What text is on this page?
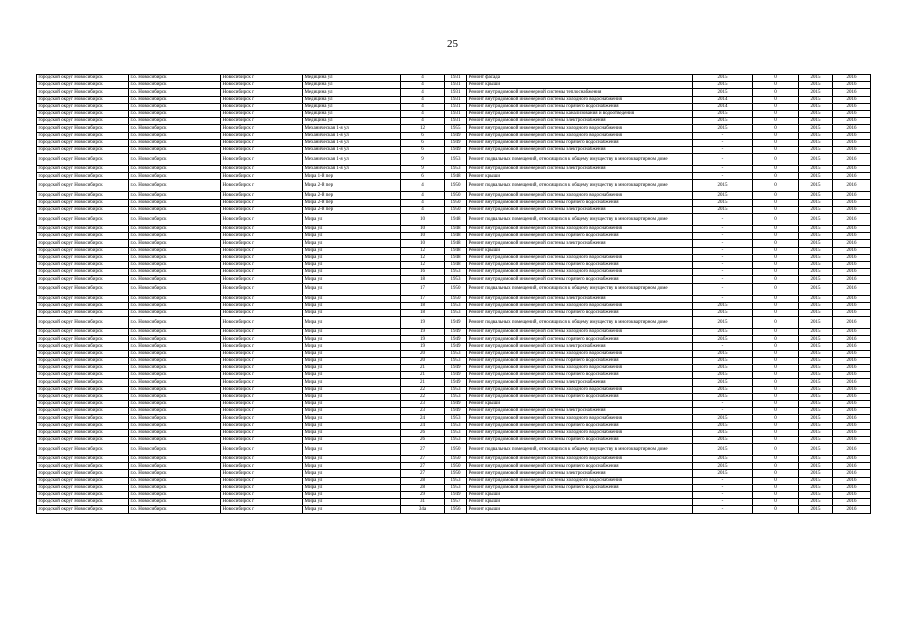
25
городской округ Новосибирск	г.о. Новосибирск	Новосибирск г	Медицина ул	4	1931	Ремонт фасада	2015	0	2015	2016
городской округ Новосибирск	г.о. Новосибирск	Новосибирск г	Медицина ул	4	1931	Ремонт крыши	2015	0	2015	2016
городской округ Новосибирск	г.о. Новосибирск	Новосибирск г	Медицина ул	4	1931	Ремонт внутридомовой инженерной системы теплоснабжения	2015	0	2015	2016
городской округ Новосибирск	г.о. Новосибирск	Новосибирск г	Медицина ул	4	1931	Ремонт внутридомовой инженерной системы холодного водоснабжения	2014	0	2015	2016
городской округ Новосибирск	г.о. Новосибирск	Новосибирск г	Медицина ул	4	1931	Ремонт внутридомовой инженерной системы горячего водоснабжения	2014	0	2015	2016
городской округ Новосибирск	г.о. Новосибирск	Новосибирск г	Медицина ул	4	1931	Ремонт внутридомовой инженерной системы канализования и водоотведения	2015	0	2015	2016
городской округ Новосибирск	г.о. Новосибирск	Новосибирск г	Медицина ул	4	1931	Ремонт внутридомовой инженерной системы электроснабжения	2015	0	2015	2016
городской округ Новосибирск	г.о. Новосибирск	Новосибирск г	Механическая 1-я ул	12	1955	Ремонт внутридомовой инженерной системы холодного водоснабжения	2015	0	2015	2016
городской округ Новосибирск	г.о. Новосибирск	Новосибирск г	Механическая 1-я ул	6	1949	Ремонт внутридомовой инженерной системы холодного водоснабжения	-	0	2015	2016
городской округ Новосибирск	г.о. Новосибирск	Новосибирск г	Механическая 1-я ул	6	1949	Ремонт внутридомовой инженерной системы горячего водоснабжения	-	0	2015	2016
городской округ Новосибирск	г.о. Новосибирск	Новосибирск г	Механическая 1-я ул	6	1949	Ремонт внутридомовой инженерной системы электроснабжения	-	0	2015	2016
городской округ Новосибирск	г.о. Новосибирск	Новосибирск г	Механическая 1-я ул	9	1953	Ремонт подвальных помещений, относящихся к общему имуществу в многоквартирном доме	-	0	2015	2016
городской округ Новосибирск	г.о. Новосибирск	Новосибирск г	Механическая 1-я ул	9	1953	Ремонт внутридомовой инженерной системы электроснабжения	-	0	2015	2016
городской округ Новосибирск	г.о. Новосибирск	Новосибирск г	Мира 1-й пер	6	1948	Ремонт крыши	-	0	2015	2016
городской округ Новосибирск	г.о. Новосибирск	Новосибирск г	Мира 2-й пер	4	1950	Ремонт подвальных помещений, относящихся к общему имуществу в многоквартирном доме	2015	0	2015	2016
городской округ Новосибирск	г.о. Новосибирск	Новосибирск г	Мира 2-й пер	4	1950	Ремонт внутридомовой инженерной системы холодного водоснабжения	2015	0	2015	2016
городской округ Новосибирск	г.о. Новосибирск	Новосибирск г	Мира 2-й пер	4	1950	Ремонт внутридомовой инженерной системы горячего водоснабжения	2015	0	2015	2016
городской округ Новосибирск	г.о. Новосибирск	Новосибирск г	Мира 2-й пер	4	1950	Ремонт внутридомовой инженерной системы электроснабжения	2015	0	2015	2016
городской округ Новосибирск	г.о. Новосибирск	Новосибирск г	Мира ул	10	1948	Ремонт подвальных помещений, относящихся к общему имуществу в многоквартирном доме	-	0	2015	2016
городской округ Новосибирск	г.о. Новосибирск	Новосибирск г	Мира ул	10	1948	Ремонт внутридомовой инженерной системы холодного водоснабжения	-	0	2015	2016
городской округ Новосибирск	г.о. Новосибирск	Новосибирск г	Мира ул	10	1948	Ремонт внутридомовой инженерной системы горячего водоснабжения	-	0	2015	2016
городской округ Новосибирск	г.о. Новосибирск	Новосибирск г	Мира ул	10	1948	Ремонт внутридомовой инженерной системы электроснабжения	-	0	2015	2016
городской округ Новосибирск	г.о. Новосибирск	Новосибирск г	Мира ул	12	1948	Ремонт крыши	-	0	2015	2016
городской округ Новосибирск	г.о. Новосибирск	Новосибирск г	Мира ул	12	1948	Ремонт внутридомовой инженерной системы холодного водоснабжения	-	0	2015	2016
городской округ Новосибирск	г.о. Новосибирск	Новосибирск г	Мира ул	12	1948	Ремонт внутридомовой инженерной системы горячего водоснабжения	-	0	2015	2016
городской округ Новосибирск	г.о. Новосибирск	Новосибирск г	Мира ул	16	1953	Ремонт внутридомовой инженерной системы холодного водоснабжения	-	0	2015	2016
городской округ Новосибирск	г.о. Новосибирск	Новосибирск г	Мира ул	18	1953	Ремонт внутридомовой инженерной системы горячего водоснабжения	-	0	2015	2016
городской округ Новосибирск	г.о. Новосибирск	Новосибирск г	Мира ул	17	1950	Ремонт подвальных помещений, относящихся к общему имуществу в многоквартирном доме	-	0	2015	2016
городской округ Новосибирск	г.о. Новосибирск	Новосибирск г	Мира ул	17	1950	Ремонт внутридомовой инженерной системы электроснабжения	-	0	2015	2016
городской округ Новосибирск	г.о. Новосибирск	Новосибирск г	Мира ул	18	1953	Ремонт внутридомовой инженерной системы холодного водоснабжения	2015	0	2015	2016
городской округ Новосибирск	г.о. Новосибирск	Новосибирск г	Мира ул	18	1953	Ремонт внутридомовой инженерной системы горячего водоснабжения	2015	0	2015	2016
городской округ Новосибирск	г.о. Новосибирск	Новосибирск г	Мира ул	19	1949	Ремонт подвальных помещений, относящихся к общему имуществу в многоквартирном доме	2015	0	2015	2016
городской округ Новосибирск	г.о. Новосибирск	Новосибирск г	Мира ул	19	1949	Ремонт внутридомовой инженерной системы холодного водоснабжения	2015	0	2015	2016
городской округ Новосибирск	г.о. Новосибирск	Новосибирск г	Мира ул	19	1949	Ремонт внутридомовой инженерной системы горячего водоснабжения	2015	0	2015	2016
городской округ Новосибирск	г.о. Новосибирск	Новосибирск г	Мира ул	19	1949	Ремонт внутридомовой инженерной системы электроснабжения	-	0	2015	2016
городской округ Новосибирск	г.о. Новосибирск	Новосибирск г	Мира ул	20	1953	Ремонт внутридомовой инженерной системы холодного водоснабжения	2015	0	2015	2016
городской округ Новосибирск	г.о. Новосибирск	Новосибирск г	Мира ул	20	1953	Ремонт внутридомовой инженерной системы горячего водоснабжения	2015	0	2015	2016
городской округ Новосибирск	г.о. Новосибирск	Новосибирск г	Мира ул	21	1949	Ремонт внутридомовой инженерной системы холодного водоснабжения	2015	0	2015	2016
городской округ Новосибирск	г.о. Новосибирск	Новосибирск г	Мира ул	21	1949	Ремонт внутридомовой инженерной системы горячего водоснабжения	2015	0	2015	2016
городской округ Новосибирск	г.о. Новосибирск	Новосибирск г	Мира ул	21	1949	Ремонт внутридомовой инженерной системы электроснабжения	2015	0	2015	2016
городской округ Новосибирск	г.о. Новосибирск	Новосибирск г	Мира ул	22	1953	Ремонт внутридомовой инженерной системы холодного водоснабжения	2015	0	2015	2016
городской округ Новосибирск	г.о. Новосибирск	Новосибирск г	Мира ул	22	1953	Ремонт внутридомовой инженерной системы горячего водоснабжения	2015	0	2015	2016
городской округ Новосибирск	г.о. Новосибирск	Новосибирск г	Мира ул	23	1949	Ремонт крыши	-	0	2015	2016
городской округ Новосибирск	г.о. Новосибирск	Новосибирск г	Мира ул	23	1949	Ремонт внутридомовой инженерной системы электроснабжения	-	0	2015	2016
городской округ Новосибирск	г.о. Новосибирск	Новосибирск г	Мира ул	24	1953	Ремонт внутридомовой инженерной системы холодного водоснабжения	2015	0	2015	2016
городской округ Новосибирск	г.о. Новосибирск	Новосибирск г	Мира ул	24	1953	Ремонт внутридомовой инженерной системы горячего водоснабжения	2015	0	2015	2016
городской округ Новосибирск	г.о. Новосибирск	Новосибирск г	Мира ул	26	1953	Ремонт внутридомовой инженерной системы холодного водоснабжения	2015	0	2015	2016
городской округ Новосибирск	г.о. Новосибирск	Новосибирск г	Мира ул	26	1953	Ремонт внутридомовой инженерной системы горячего водоснабжения	2015	0	2015	2016
городской округ Новосибирск	г.о. Новосибирск	Новосибирск г	Мира ул	27	1950	Ремонт подвальных помещений, относящихся к общему имуществу в многоквартирном доме	2015	0	2015	2016
городской округ Новосибирск	г.о. Новосибирск	Новосибирск г	Мира ул	27	1950	Ремонт внутридомовой инженерной системы холодного водоснабжения	2015	0	2015	2016
городской округ Новосибирск	г.о. Новосибирск	Новосибирск г	Мира ул	27	1950	Ремонт внутридомовой инженерной системы горячего водоснабжения	2015	0	2015	2016
городской округ Новосибирск	г.о. Новосибирск	Новосибирск г	Мира ул	27	1950	Ремонт внутридомовой инженерной системы электроснабжения	2015	0	2015	2016
городской округ Новосибирск	г.о. Новосибирск	Новосибирск г	Мира ул	28	1953	Ремонт внутридомовой инженерной системы холодного водоснабжения	-	0	2015	2016
городской округ Новосибирск	г.о. Новосибирск	Новосибирск г	Мира ул	28	1953	Ремонт внутридомовой инженерной системы горячего водоснабжения	-	0	2015	2016
городской округ Новосибирск	г.о. Новосибирск	Новосибирск г	Мира ул	29	1949	Ремонт крыши	-	0	2015	2016
городской округ Новосибирск	г.о. Новосибирск	Новосибирск г	Мира ул	31	1957	Ремонт крыши	-	0	2015	2016
городской округ Новосибирск	г.о. Новосибирск	Новосибирск г	Мира ул	34а	1956	Ремонт крыши	-	0	2015	2016
